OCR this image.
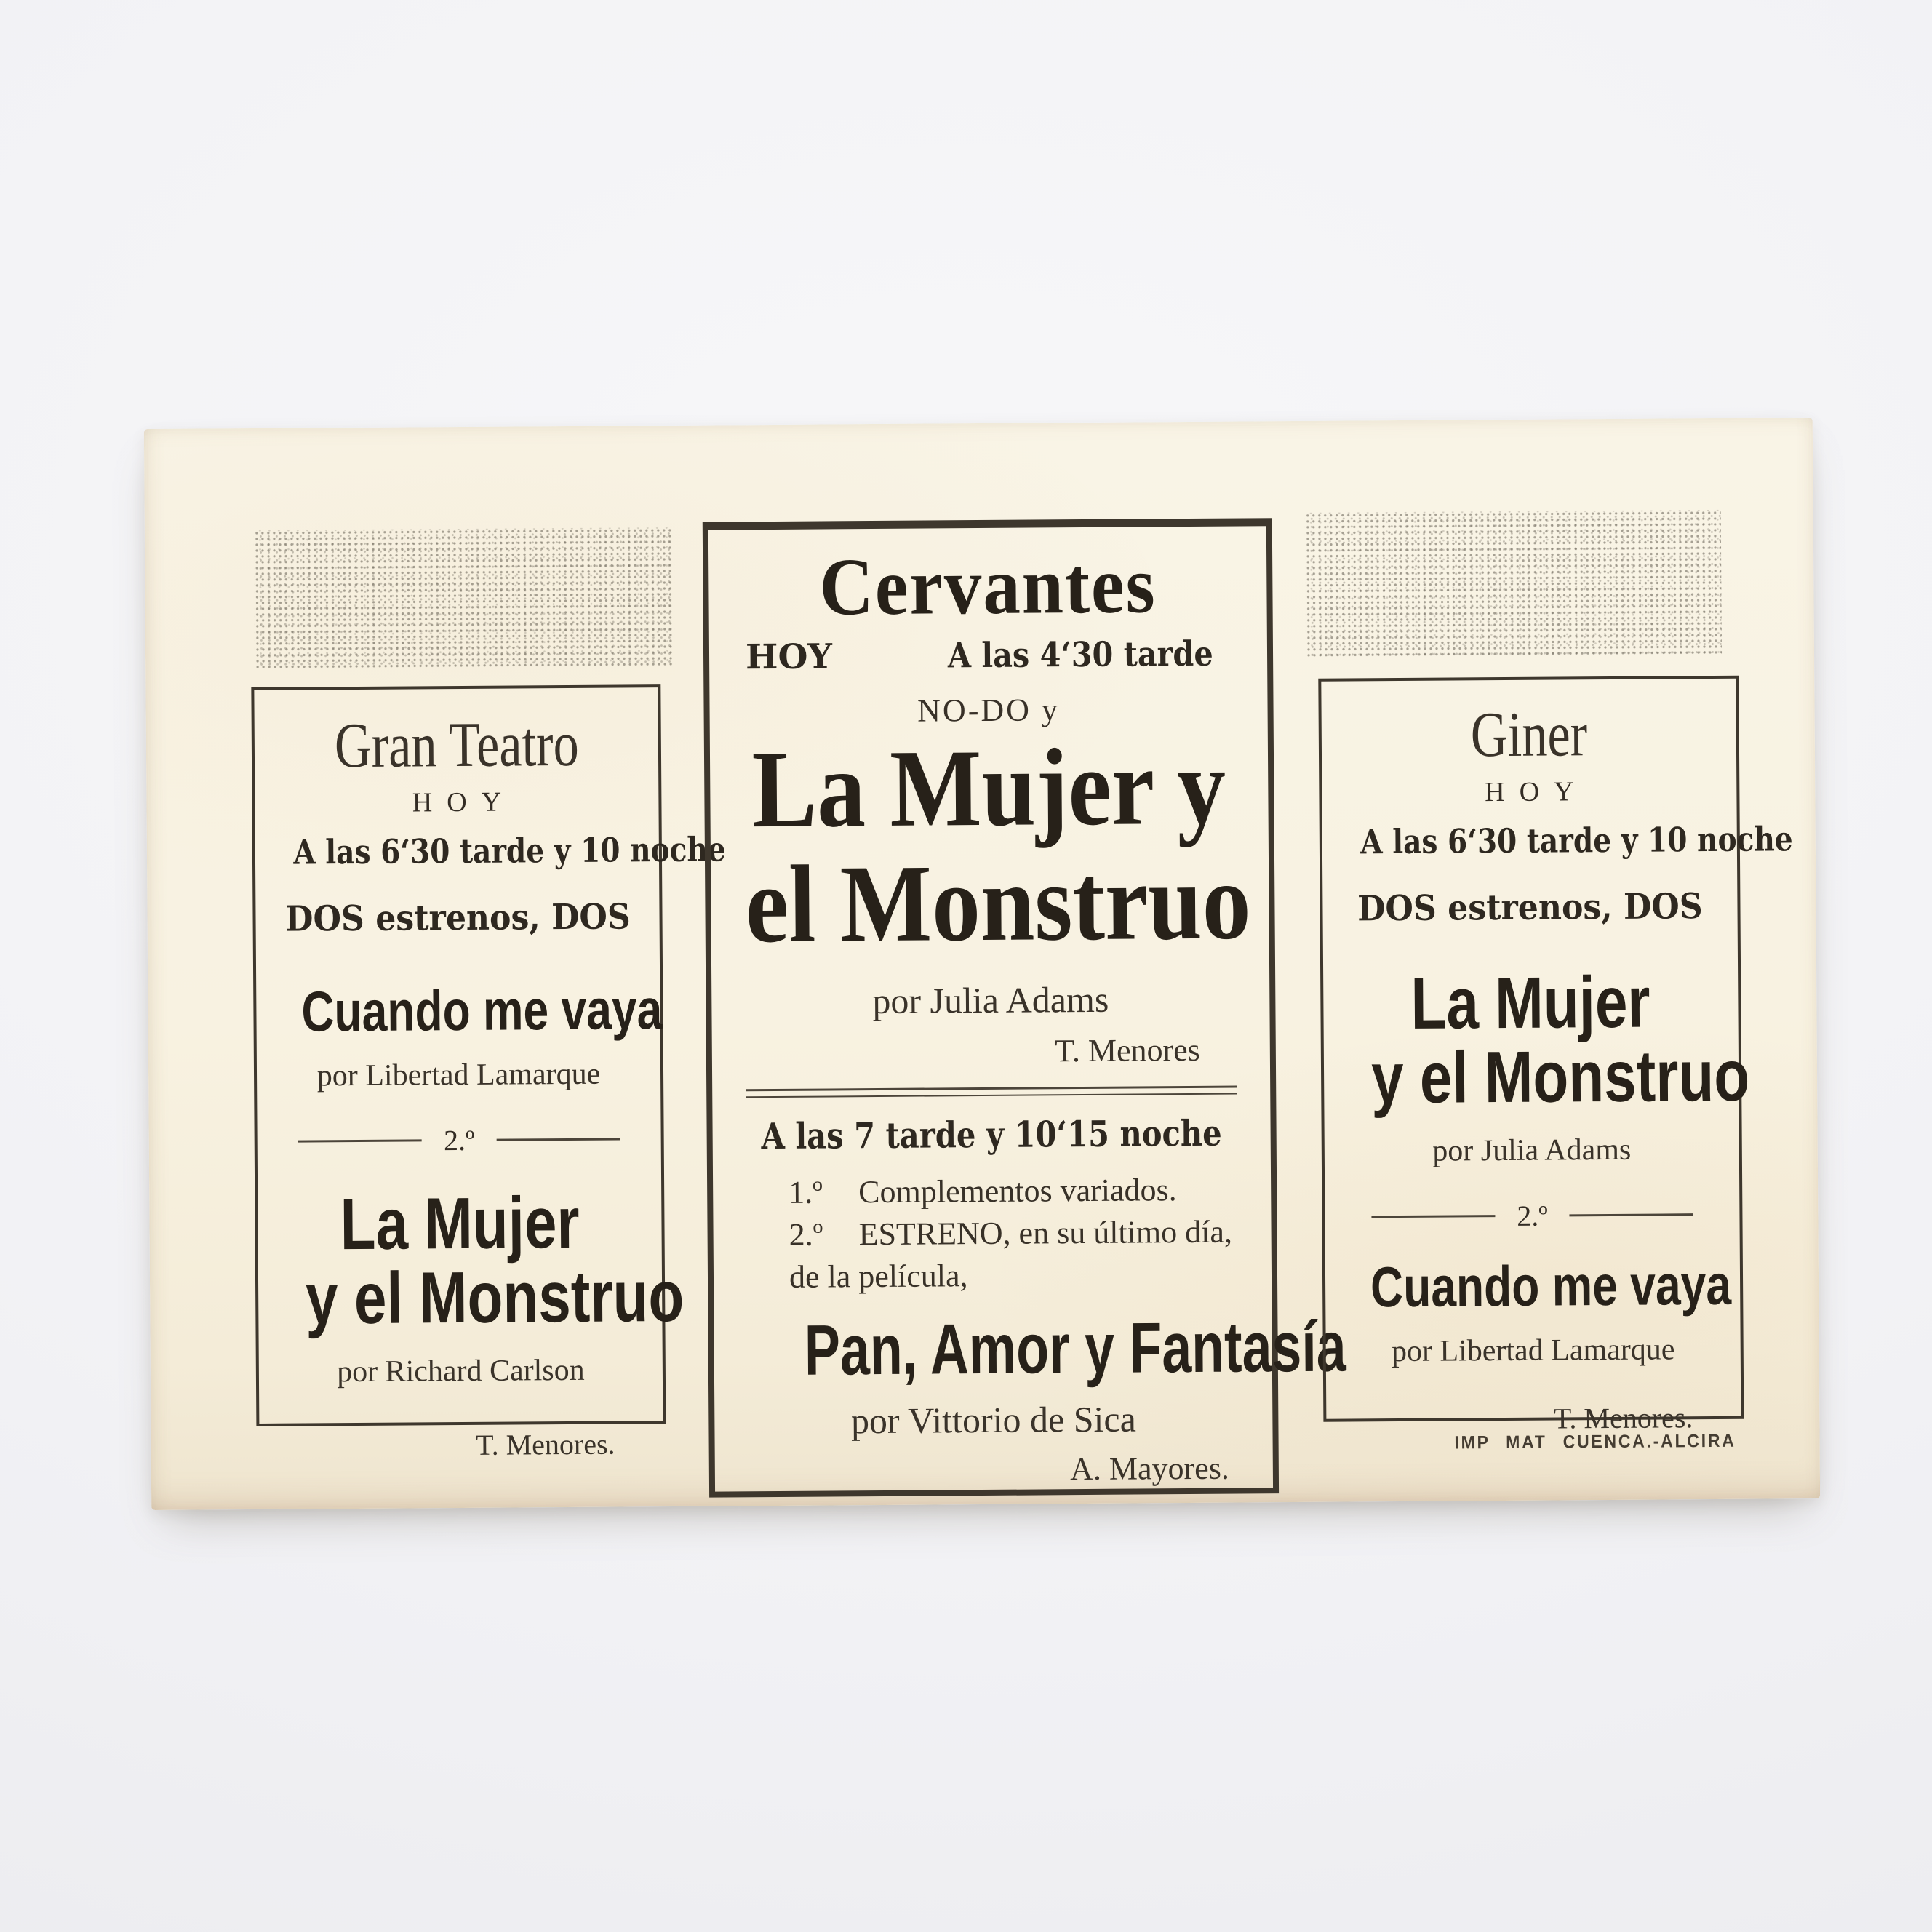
Gran Teatro
HOY
A las 6‘30 tarde y 10 noche
DOS estrenos, DOS
Cuando me vaya
por Libertad Lamarque
2.º
La Mujer
y el Monstruo
por Richard Carlson
T. Menores.
Cervantes
HOY	A las 4‘30 tarde
NO-DO y
La Mujer y
el Monstruo
por Julia Adams
T. Menores
A las 7 tarde y 10‘15 noche
1.º Complementos variados.
2.º ESTRENO, en su último día,
de la película,
Pan, Amor y Fantasía
por Vittorio de Sica
A. Mayores.
Giner
HOY
A las 6‘30 tarde y 10 noche
DOS estrenos, DOS
La Mujer
y el Monstruo
por Julia Adams
2.º
Cuando me vaya
por Libertad Lamarque
T. Menores.
IMP MAT CUENCA.-ALCIRA
